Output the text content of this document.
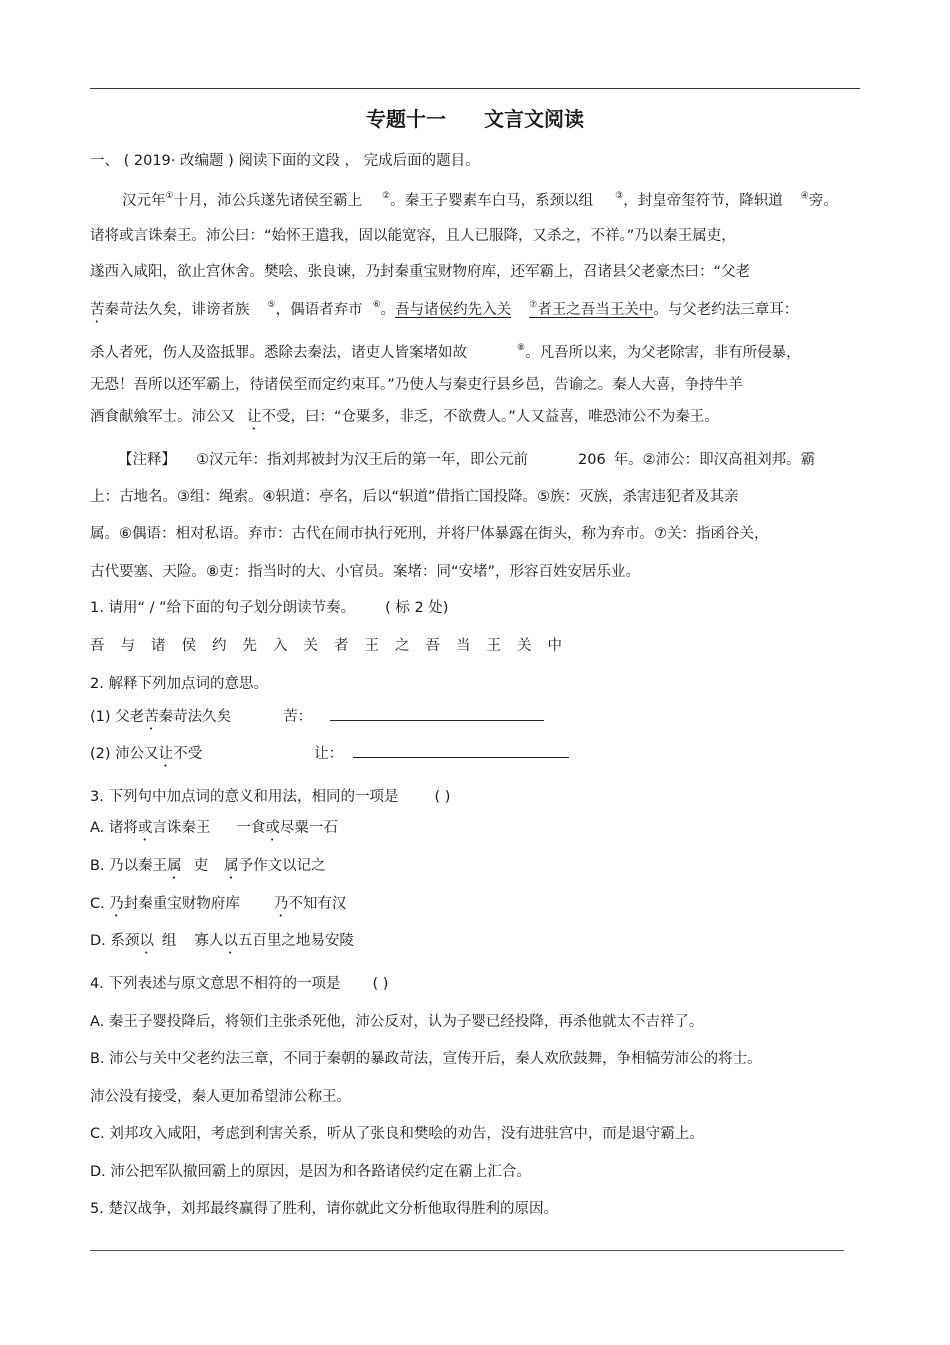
专题十一 文言文阅读
一、 ( 2019· 改编题 ) 阅读下面的文段 ， 完成后面的题目。
汉元年①十月，沛公兵遂先诸侯至霸上 ②。秦王子婴素车白马，系颈以组 ③，封皇帝玺符节，降轵道 ④旁。
诸将或言诛秦王。沛公曰：“始怀王遣我，固以能宽容，且人已服降，又杀之，不祥。”乃以秦王属吏，
遂西入咸阳，欲止宫休舍。樊哙、张良谏，乃封秦重宝财物府库，还军霸上，召诸县父老豪杰曰：“父老
苦秦苛法久矣，诽谤者族 ⑤，偶语者弃市 ⑥。吾与诸侯约先入关 ⑦者王之吾当王关中。与父老约法三章耳：
杀人者死，伤人及盗抵罪。悉除去秦法，诸吏人皆案堵如故	⑧。凡吾所以来，为父老除害，非有所侵暴，
无恐！吾所以还军霸上，待诸侯至而定约束耳。”乃使人与秦吏行县乡邑，告谕之。秦人大喜，争持牛羊
酒食献飨军士。沛公又 让不受，曰：“仓粟多，非乏，不欲费人。”人又益喜，唯恐沛公不为秦王。
【注释】 ①汉元年：指刘邦被封为汉王后的第一年，即公元前	206 年。②沛公：即汉高祖刘邦。霸
上：古地名。③组：绳索。④轵道：亭名，后以“轵道”借指亡国投降。⑤族：灭族，杀害违犯者及其亲
属。⑥偶语：相对私语。弃市：古代在闹市执行死刑，并将尸体暴露在街头，称为弃市。⑦关：指函谷关，
古代要塞、天险。⑧吏：指当时的大、小官员。案堵：同“安堵”，形容百姓安居乐业。
1. 请用“ / ”给下面的句子划分朗读节奏。 ( 标 2 处)
吾与诸侯约先入关者王之吾当王关中
2. 解释下列加点词的意思。
(1) 父老苦秦苛法久矣	苦：
(2) 沛公又让不受	让：
3. 下列句中加点词的意义和用法，相同的一项是 ( )
A. 诸将或言诛秦王 一食或尽粟一石
B. 乃以秦王属 吏 属予作文以记之
C. 乃封秦重宝财物府库 乃不知有汉
D. 系颈以 组 寡人以五百里之地易安陵
4. 下列表述与原文意思不相符的一项是 ( )
A. 秦王子婴投降后，将领们主张杀死他，沛公反对，认为子婴已经投降，再杀他就太不吉祥了。
B. 沛公与关中父老约法三章，不同于秦朝的暴政苛法，宣传开后，秦人欢欣鼓舞，争相犒劳沛公的将士。
沛公没有接受，秦人更加希望沛公称王。
C. 刘邦攻入咸阳，考虑到利害关系，听从了张良和樊哙的劝告，没有进驻宫中，而是退守霸上。
D. 沛公把军队撤回霸上的原因，是因为和各路诸侯约定在霸上汇合。
5. 楚汉战争，刘邦最终赢得了胜利，请你就此文分析他取得胜利的原因。
